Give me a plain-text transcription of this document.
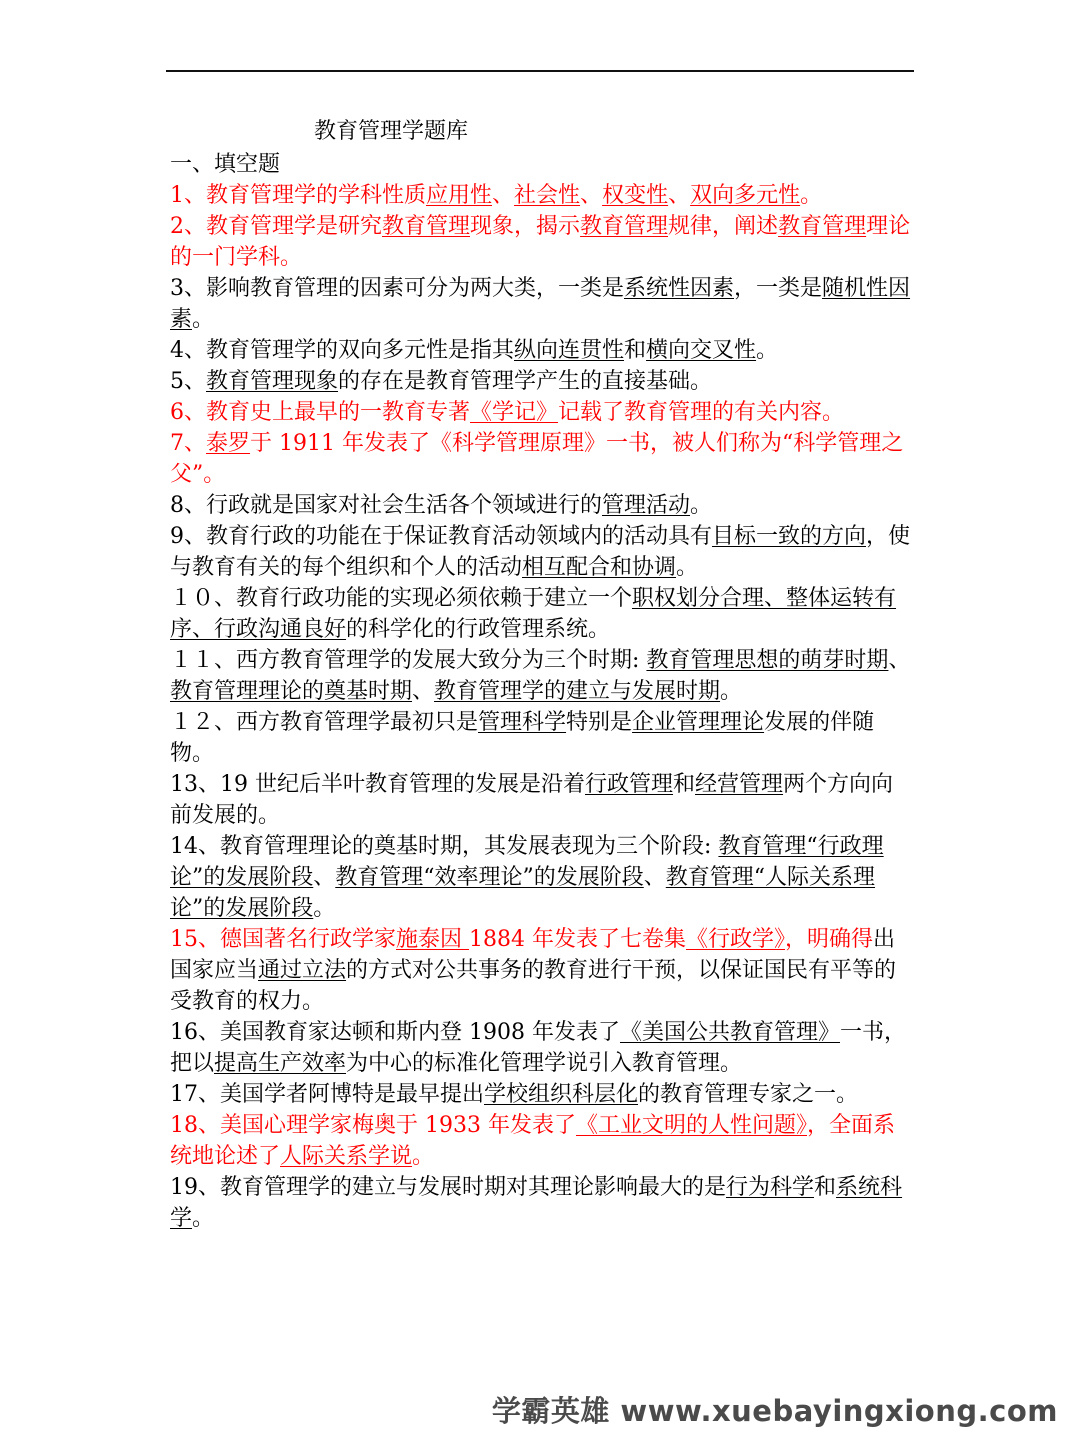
教育管理学题库
一、填空题
1、教育管理学的学科性质应用性、社会性、权变性、双向多元性。
2、教育管理学是研究教育管理现象，揭示教育管理规律，阐述教育管理理论的一门学科。
3、影响教育管理的因素可分为两大类，一类是系统性因素，一类是随机性因素。
4、教育管理学的双向多元性是指其纵向连贯性和横向交叉性。
5、教育管理现象的存在是教育管理学产生的直接基础。
6、教育史上最早的一教育专著《学记》记载了教育管理的有关内容。
7、泰罗于 1911 年发表了《科学管理原理》一书，被人们称为“科学管理之父”。
8、行政就是国家对社会生活各个领域进行的管理活动。
9、教育行政的功能在于保证教育活动领域内的活动具有目标一致的方向，使与教育有关的每个组织和个人的活动相互配合和协调。
１０、教育行政功能的实现必须依赖于建立一个职权划分合理、整体运转有序、行政沟通良好的科学化的行政管理系统。
１１、西方教育管理学的发展大致分为三个时期: 教育管理思想的萌芽时期、教育管理理论的奠基时期、教育管理学的建立与发展时期。
１２、西方教育管理学最初只是管理科学特别是企业管理理论发展的伴随物。
13、19 世纪后半叶教育管理的发展是沿着行政管理和经营管理两个方向向前发展的。
14、教育管理理论的奠基时期，其发展表现为三个阶段: 教育管理“行政理论”的发展阶段、教育管理“效率理论”的发展阶段、教育管理“人际关系理论”的发展阶段。
15、德国著名行政学家施泰因 1884 年发表了七卷集《行政学》，明确得出国家应当通过立法的方式对公共事务的教育进行干预，以保证国民有平等的受教育的权力。
16、美国教育家达顿和斯内登 1908 年发表了《美国公共教育管理》一书，把以提高生产效率为中心的标准化管理学说引入教育管理。
17、美国学者阿博特是最早提出学校组织科层化的教育管理专家之一。
18、美国心理学家梅奥于 1933 年发表了《工业文明的人性问题》，全面系统地论述了人际关系学说。
19、教育管理学的建立与发展时期对其理论影响最大的是行为科学和系统科学。
学霸英雄 www.xuebayingxiong.com
